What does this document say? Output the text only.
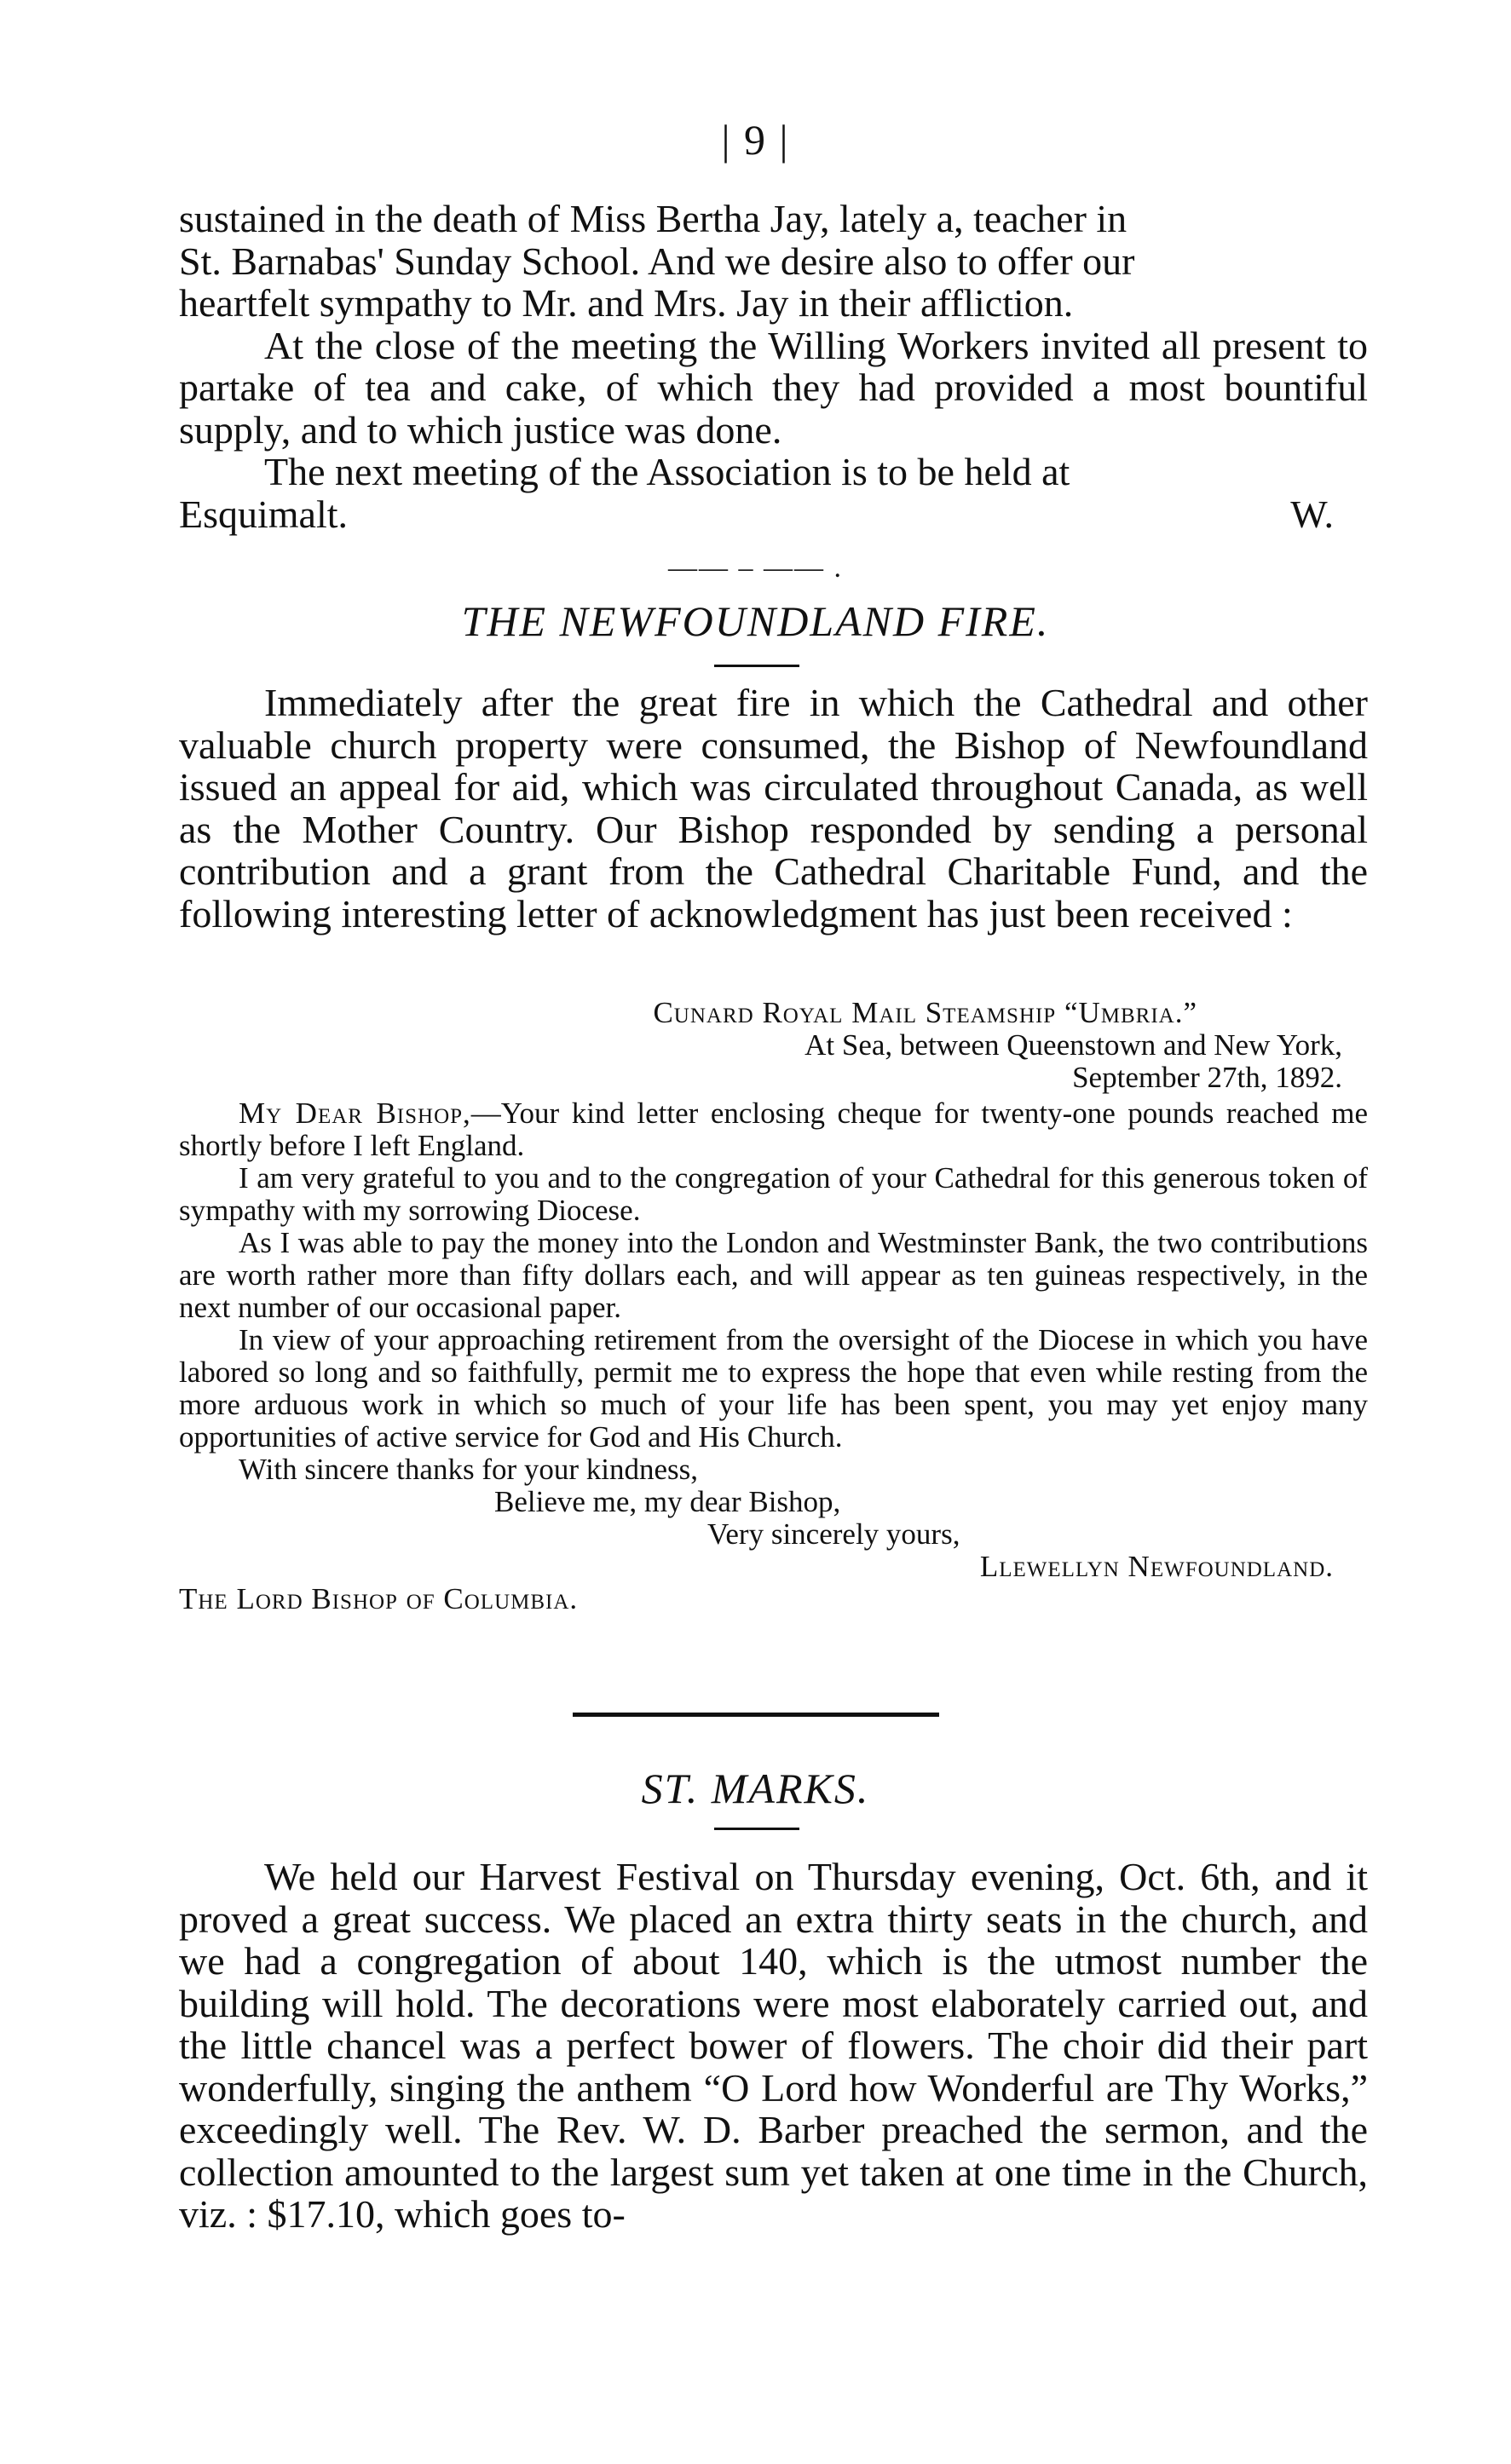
| 9 |

sustained in the death of Miss Bertha Jay, lately a, teacher in

St. Barnabas' Sunday School. And we desire also to offer our

heartfelt sympathy to Mr. and Mrs. Jay in their affliction.

At the close of the meeting the Willing Workers invited all present to partake of tea and cake, of which they had provided a most bountiful supply, and to which justice was done.

The next meeting of the Association is to be held at

Esquimalt.	W.
—— – —— .
THE NEWFOUNDLAND FIRE.

Immediately after the great fire in which the Cathedral and other valuable church property were consumed, the Bishop of Newfoundland issued an appeal for aid, which was circulated throughout Canada, as well as the Mother Country. Our Bishop responded by sending a personal contribution and a grant from the Cathedral Charitable Fund, and the following interesting letter of acknowledgment has just been received :

Cunard Royal Mail Steamship “Umbria.”
At Sea, between Queenstown and New York,
September 27th, 1892.

My Dear Bishop,—Your kind letter enclosing cheque for twenty-one pounds reached me shortly before I left England.

I am very grateful to you and to the congregation of your Cathedral for this generous token of sympathy with my sorrowing Diocese.

As I was able to pay the money into the London and Westminster Bank, the two contributions are worth rather more than fifty dollars each, and will appear as ten guineas respectively, in the next number of our occasional paper.

In view of your approaching retirement from the oversight of the Diocese in which you have labored so long and so faithfully, permit me to express the hope that even while resting from the more arduous work in which so much of your life has been spent, you may yet enjoy many opportunities of active service for God and His Church.

With sincere thanks for your kindness,

Believe me, my dear Bishop,
Very sincerely yours,
Llewellyn Newfoundland.
The Lord Bishop of Columbia.
ST. MARKS.

We held our Harvest Festival on Thursday evening, Oct. 6th, and it proved a great success. We placed an extra thirty seats in the church, and we had a congregation of about 140, which is the utmost number the building will hold. The decorations were most elaborately carried out, and the little chancel was a perfect bower of flowers. The choir did their part wonderfully, singing the anthem “O Lord how Wonderful are Thy Works,” exceedingly well. The Rev. W. D. Barber preached the sermon, and the collection amounted to the largest sum yet taken at one time in the Church, viz. : $17.10, which goes to-
